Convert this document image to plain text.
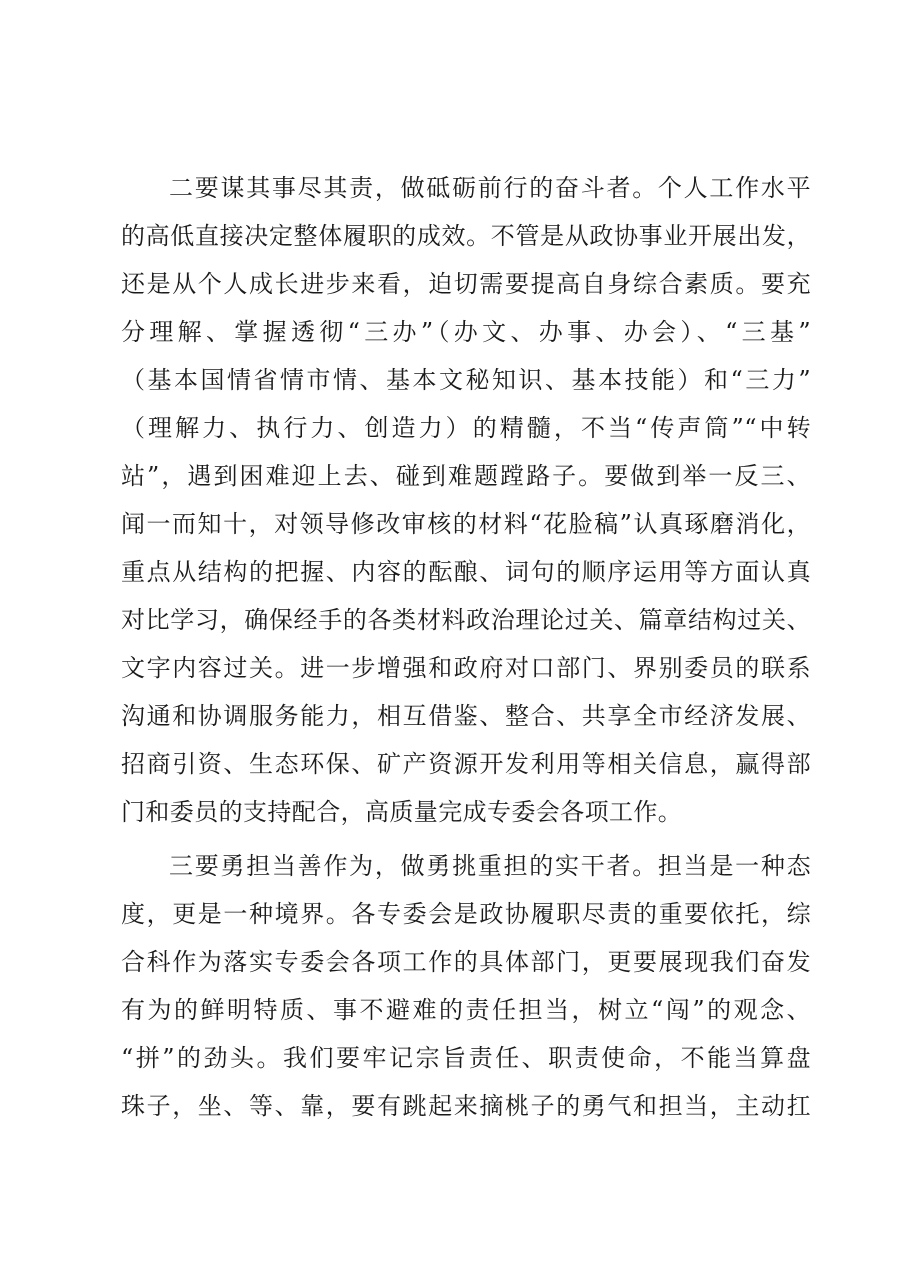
二要谋其事尽其责，做砥砺前行的奋斗者。个人工作水平
的高低直接决定整体履职的成效。不管是从政协事业开展出发，
还是从个人成长进步来看，迫切需要提高自身综合素质。要充
分理解、掌握透彻“三办”（办文、办事、办会）、“三基”
（基本国情省情市情、基本文秘知识、基本技能）和“三力”
（理解力、执行力、创造力）的精髓，不当“传声筒”“中转
站”，遇到困难迎上去、碰到难题蹚路子。要做到举一反三、
闻一而知十，对领导修改审核的材料“花脸稿”认真琢磨消化，
重点从结构的把握、内容的酝酿、词句的顺序运用等方面认真
对比学习，确保经手的各类材料政治理论过关、篇章结构过关、
文字内容过关。进一步增强和政府对口部门、界别委员的联系
沟通和协调服务能力，相互借鉴、整合、共享全市经济发展、
招商引资、生态环保、矿产资源开发利用等相关信息，赢得部
门和委员的支持配合，高质量完成专委会各项工作。
三要勇担当善作为，做勇挑重担的实干者。担当是一种态
度，更是一种境界。各专委会是政协履职尽责的重要依托，综
合科作为落实专委会各项工作的具体部门，更要展现我们奋发
有为的鲜明特质、事不避难的责任担当，树立“闯”的观念、
“拼”的劲头。我们要牢记宗旨责任、职责使命，不能当算盘
珠子，坐、等、靠，要有跳起来摘桃子的勇气和担当，主动扛
